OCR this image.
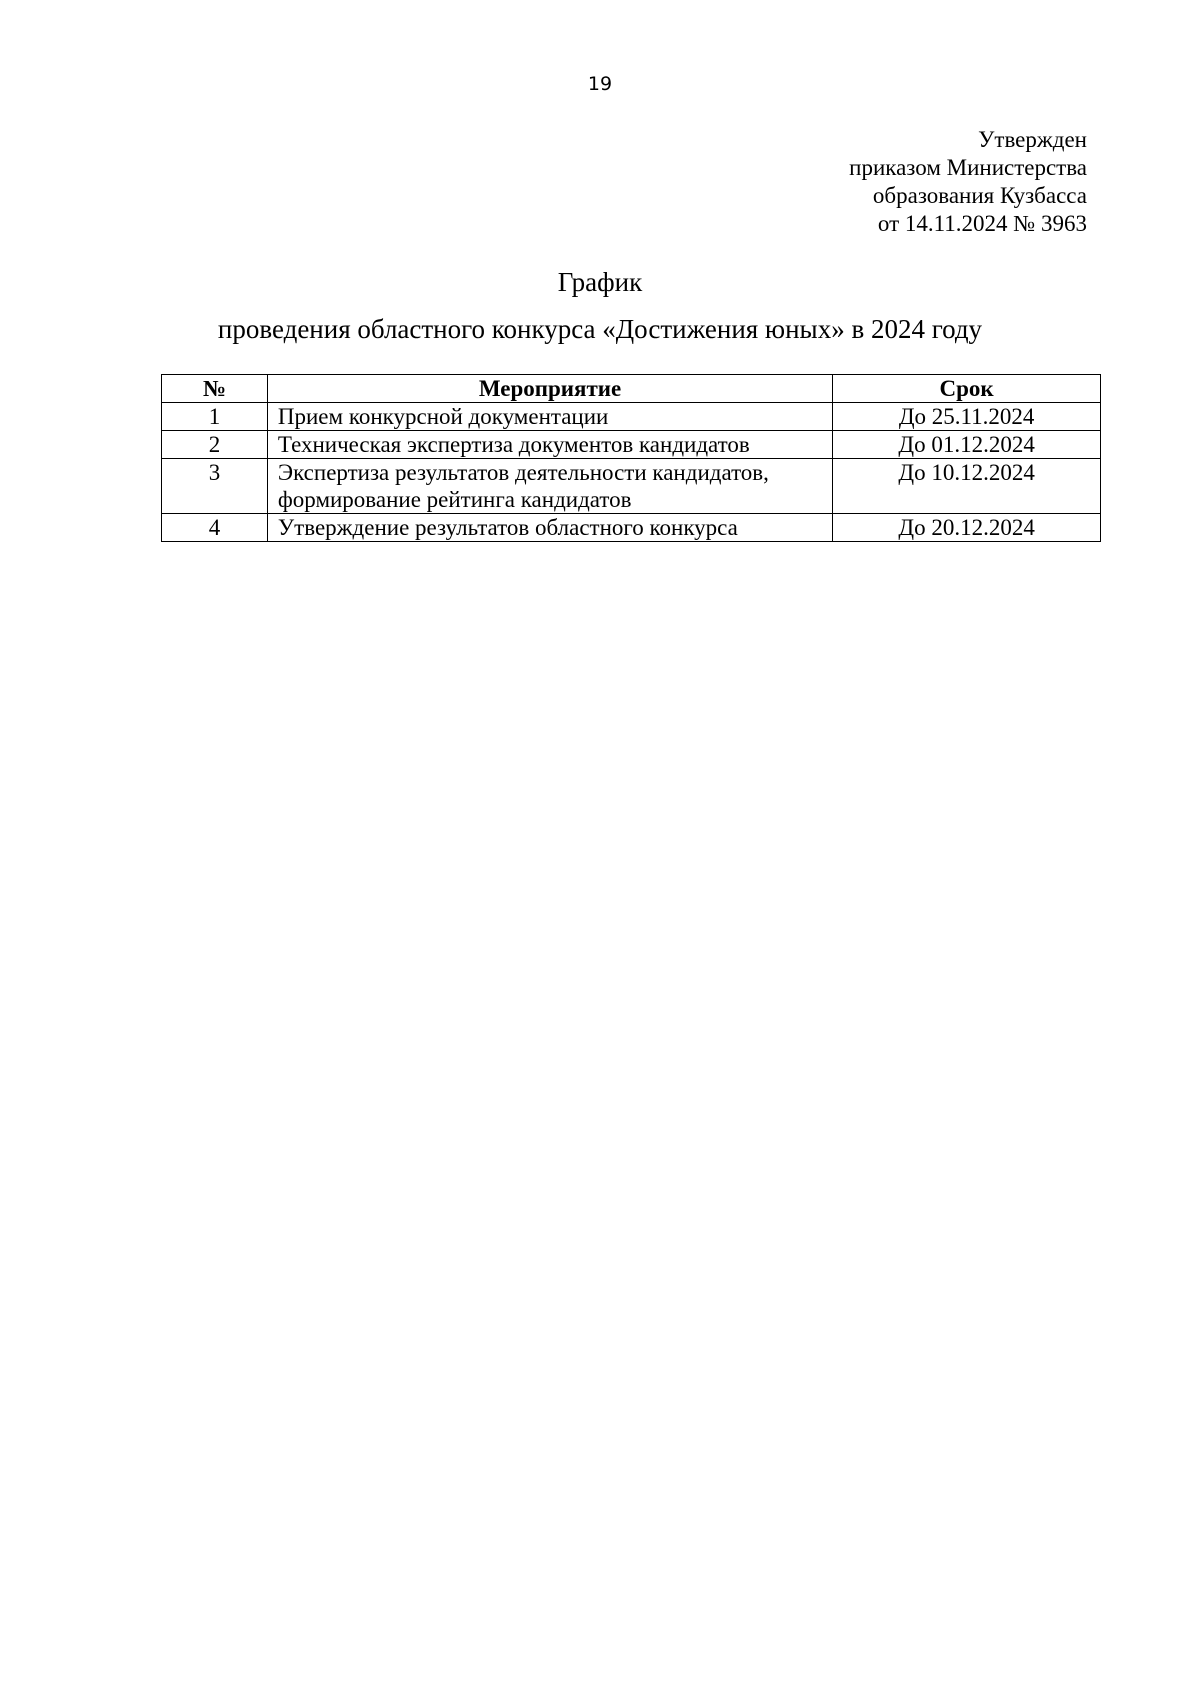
19
Утвержден
приказом Министерства
образования Кузбасса
от 14.11.2024 № 3963
График
проведения областного конкурса «Достижения юных» в 2024 году
№	Мероприятие	Срок
1	Прием конкурсной документации	До 25.11.2024
2	Техническая экспертиза документов кандидатов	До 01.12.2024
3	Экспертиза результатов деятельности кандидатов, формирование рейтинга кандидатов	До 10.12.2024
4	Утверждение результатов областного конкурса	До 20.12.2024
